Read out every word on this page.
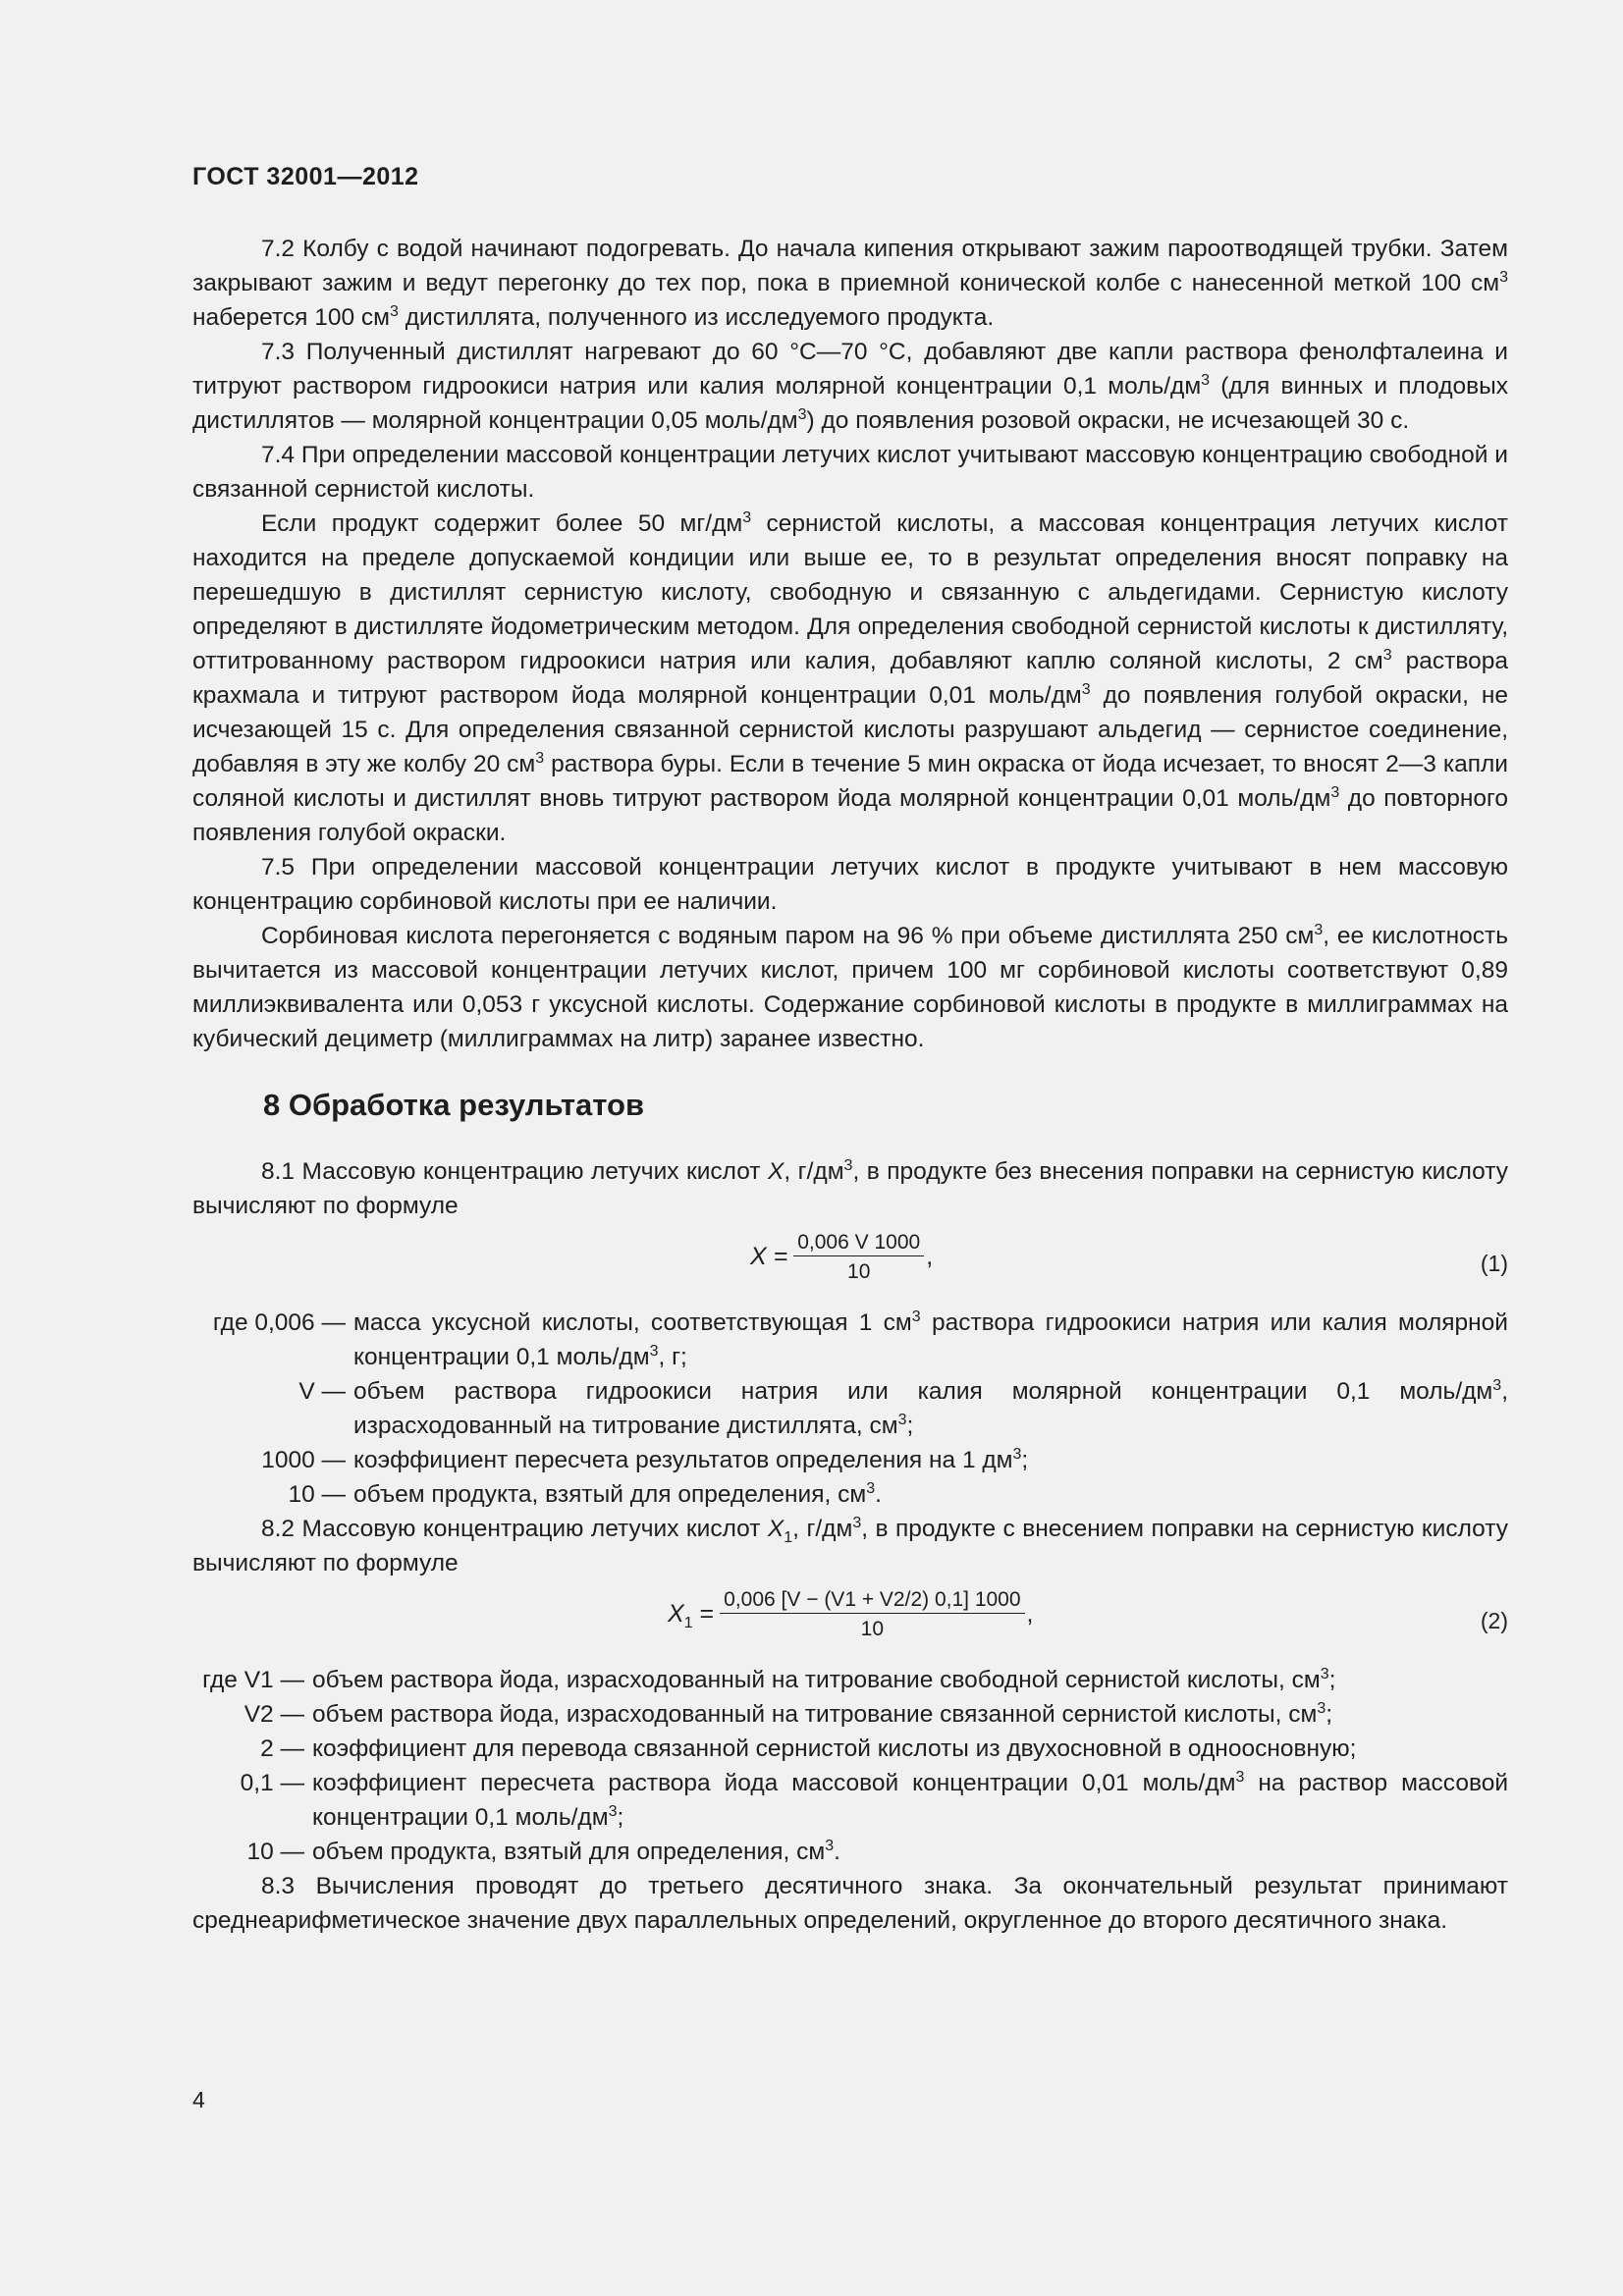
ГОСТ 32001—2012

7.2 Колбу с водой начинают подогревать. До начала кипения открывают зажим пароотводящей трубки. Затем закрывают зажим и ведут перегонку до тех пор, пока в приемной конической колбе с нанесенной меткой 100 $см^3$ наберется 100 $см^3$ дистиллята, полученного из исследуемого продукта.

7.3 Полученный дистиллят нагревают до 60 °С—70 °С, добавляют две капли раствора фенолфталеина и титруют раствором гидроокиси натрия или калия молярной концентрации 0,1 моль/$дм^3$ (для винных и плодовых дистиллятов — молярной концентрации 0,05 моль/$дм^3$) до появления розовой окраски, не исчезающей 30 с.

7.4 При определении массовой концентрации летучих кислот учитывают массовую концентрацию свободной и связанной сернистой кислоты.

Если продукт содержит более 50 $мг/дм^3$ сернистой кислоты, а массовая концентрация летучих кислот находится на пределе допускаемой кондиции или выше ее, то в результат определения вносят поправку на перешедшую в дистиллят сернистую кислоту, свободную и связанную с альдегидами. Сернистую кислоту определяют в дистилляте йодометрическим методом. Для определения свободной сернистой кислоты к дистилляту, оттитрованному раствором гидроокиси натрия или калия, добавляют каплю соляной кислоты, 2 $см^3$ раствора крахмала и титруют раствором йода молярной концентрации 0,01 моль/$дм^3$ до появления голубой окраски, не исчезающей 15 с. Для определения связанной сернистой кислоты разрушают альдегид — сернистое соединение, добавляя в эту же колбу 20 $см^3$ раствора буры. Если в течение 5 мин окраска от йода исчезает, то вносят 2—3 капли соляной кислоты и дистиллят вновь титруют раствором йода молярной концентрации 0,01 моль/$дм^3$ до повторного появления голубой окраски.

7.5 При определении массовой концентрации летучих кислот в продукте учитывают в нем массовую концентрацию сорбиновой кислоты при ее наличии.

Сорбиновая кислота перегоняется с водяным паром на 96 % при объеме дистиллята 250 $см^3$, ее кислотность вычитается из массовой концентрации летучих кислот, причем 100 мг сорбиновой кислоты соответствуют 0,89 миллиэквивалента или 0,053 г уксусной кислоты. Содержание сорбиновой кислоты в продукте в миллиграммах на кубический дециметр (миллиграммах на литр) заранее известно.

8 Обработка результатов

8.1 Массовую концентрацию летучих кислот X, $г/дм^3$, в продукте без внесения поправки на сернистую кислоту вычисляют по формуле

$X = \frac{0,006 V 1000}{10}$ ,	(1)
где 0,006 — масса уксусной кислоты, соответствующая 1 $см^3$ раствора гидроокиси натрия или калия молярной концентрации 0,1 моль/$дм^3$, г;
V — объем раствора гидроокиси натрия или калия молярной концентрации 0,1 моль/$дм^3$, израсходованный на титрование дистиллята, $см^3$;
1000 — коэффициент пересчета результатов определения на 1 $дм^3$;
10 — объем продукта, взятый для определения, $см^3$.

8.2 Массовую концентрацию летучих кислот $X_1$, $г/дм^3$, в продукте с внесением поправки на сернистую кислоту вычисляют по формуле

$X_1 = \frac{0,006 [V - (V1 + V2/2) 0,1] 1000}{10}$ ,	(2)
где V1 — объем раствора йода, израсходованный на титрование свободной сернистой кислоты, $см^3$;
V2 — объем раствора йода, израсходованный на титрование связанной сернистой кислоты, $см^3$;
2 — коэффициент для перевода связанной сернистой кислоты из двухосновной в одноосновную;
0,1 — коэффициент пересчета раствора йода массовой концентрации 0,01 моль/$дм^3$ на раствор массовой концентрации 0,1 моль/$дм^3$;
10 — объем продукта, взятый для определения, $см^3$.

8.3 Вычисления проводят до третьего десятичного знака. За окончательный результат принимают среднеарифметическое значение двух параллельных определений, округленное до второго десятичного знака.

4
